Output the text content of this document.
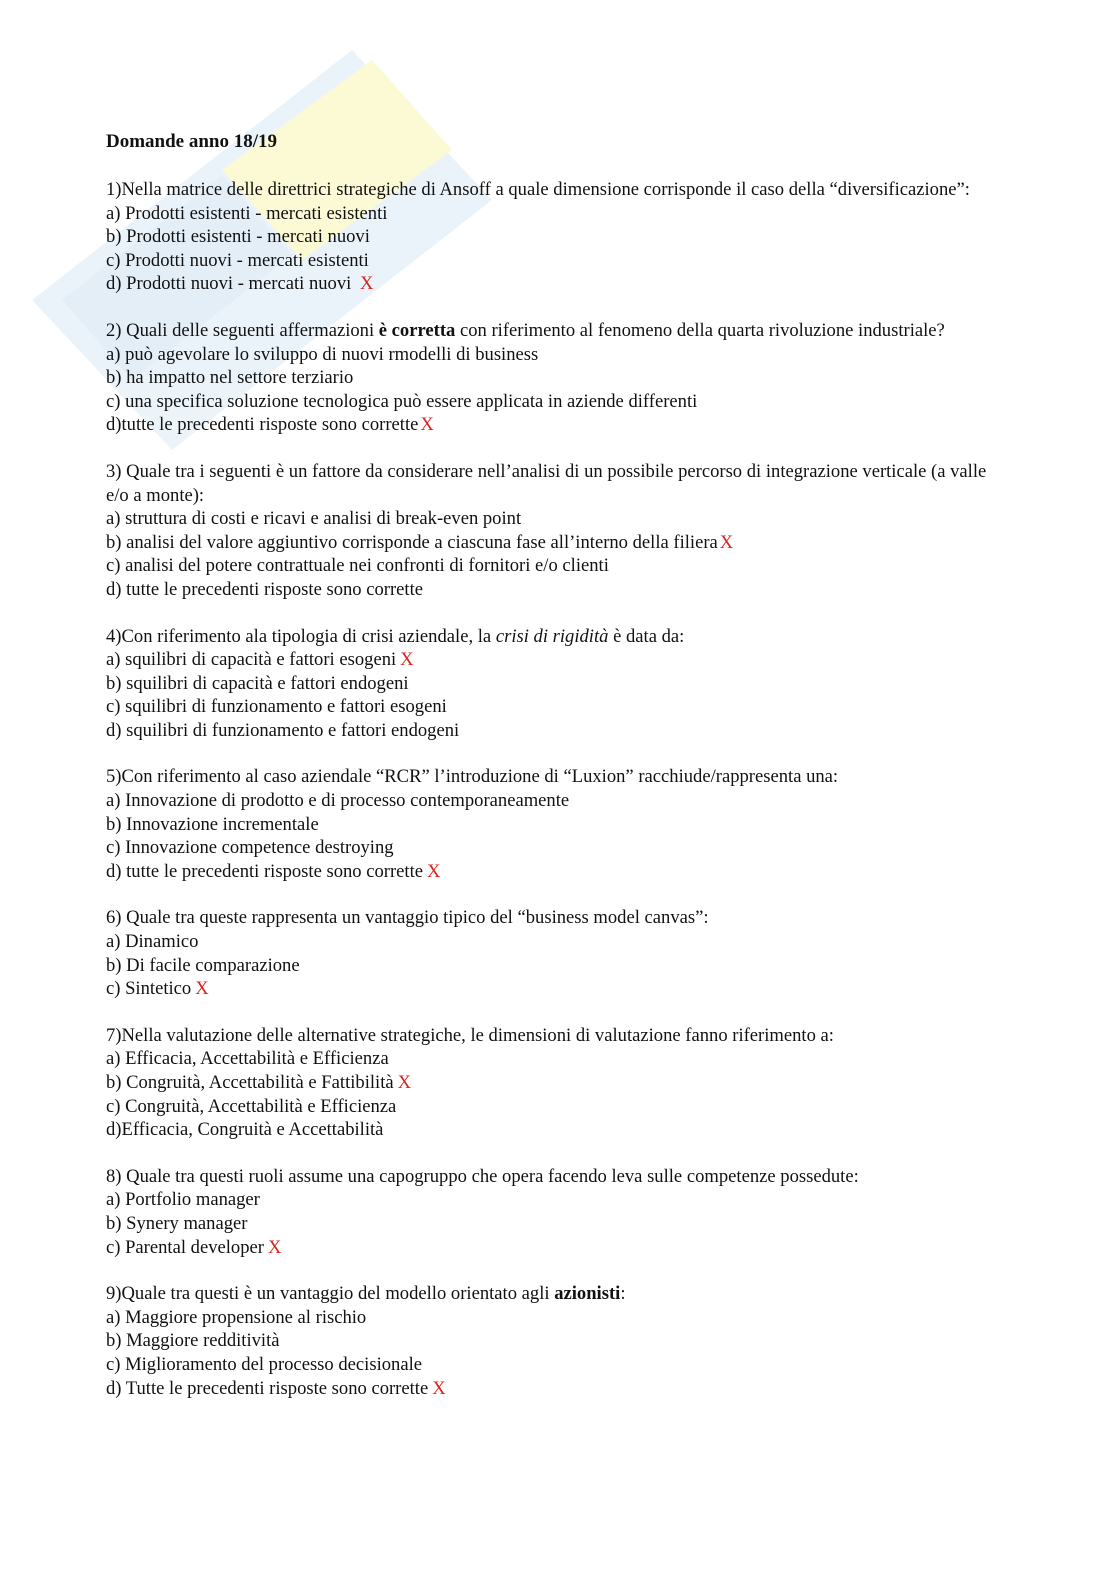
Domande anno 18/19

1)Nella matrice delle direttrici strategiche di Ansoff a quale dimensione corrisponde il caso della “diversificazione”:

a) Prodotti esistenti - mercati esistenti

b) Prodotti esistenti - mercati nuovi

c) Prodotti nuovi - mercati esistenti

d) Prodotti nuovi - mercati nuovi X

2) Quali delle seguenti affermazioni è corretta con riferimento al fenomeno della quarta rivoluzione industriale?

a) può agevolare lo sviluppo di nuovi rmodelli di business

b) ha impatto nel settore terziario

c) una specifica soluzione tecnologica può essere applicata in aziende differenti

d)tutte le precedenti risposte sono corrette X

3) Quale tra i seguenti è un fattore da considerare nell’analisi di un possibile percorso di integrazione verticale (a valle e/o a monte):

a) struttura di costi e ricavi e analisi di break-even point

b) analisi del valore aggiuntivo corrisponde a ciascuna fase all’interno della filiera X

c) analisi del potere contrattuale nei confronti di fornitori e/o clienti

d) tutte le precedenti risposte sono corrette

4)Con riferimento ala tipologia di crisi aziendale, la crisi di rigidità è data da:

a) squilibri di capacità e fattori esogeni X

b) squilibri di capacità e fattori endogeni

c) squilibri di funzionamento e fattori esogeni

d) squilibri di funzionamento e fattori endogeni

5)Con riferimento al caso aziendale “RCR” l’introduzione di “Luxion” racchiude/rappresenta una:

a) Innovazione di prodotto e di processo contemporaneamente

b) Innovazione incrementale

c) Innovazione competence destroying

d) tutte le precedenti risposte sono corrette X

6) Quale tra queste rappresenta un vantaggio tipico del “business model canvas”:

a) Dinamico

b) Di facile comparazione

c) Sintetico X

7)Nella valutazione delle alternative strategiche, le dimensioni di valutazione fanno riferimento a:

a) Efficacia, Accettabilità e Efficienza

b) Congruità, Accettabilità e Fattibilità X

c) Congruità, Accettabilità e Efficienza

d)Efficacia, Congruità e Accettabilità

8) Quale tra questi ruoli assume una capogruppo che opera facendo leva sulle competenze possedute:

a) Portfolio manager

b) Synery manager

c) Parental developer X

9)Quale tra questi è un vantaggio del modello orientato agli azionisti:

a) Maggiore propensione al rischio

b) Maggiore redditività

c) Miglioramento del processo decisionale

d) Tutte le precedenti risposte sono corrette X
